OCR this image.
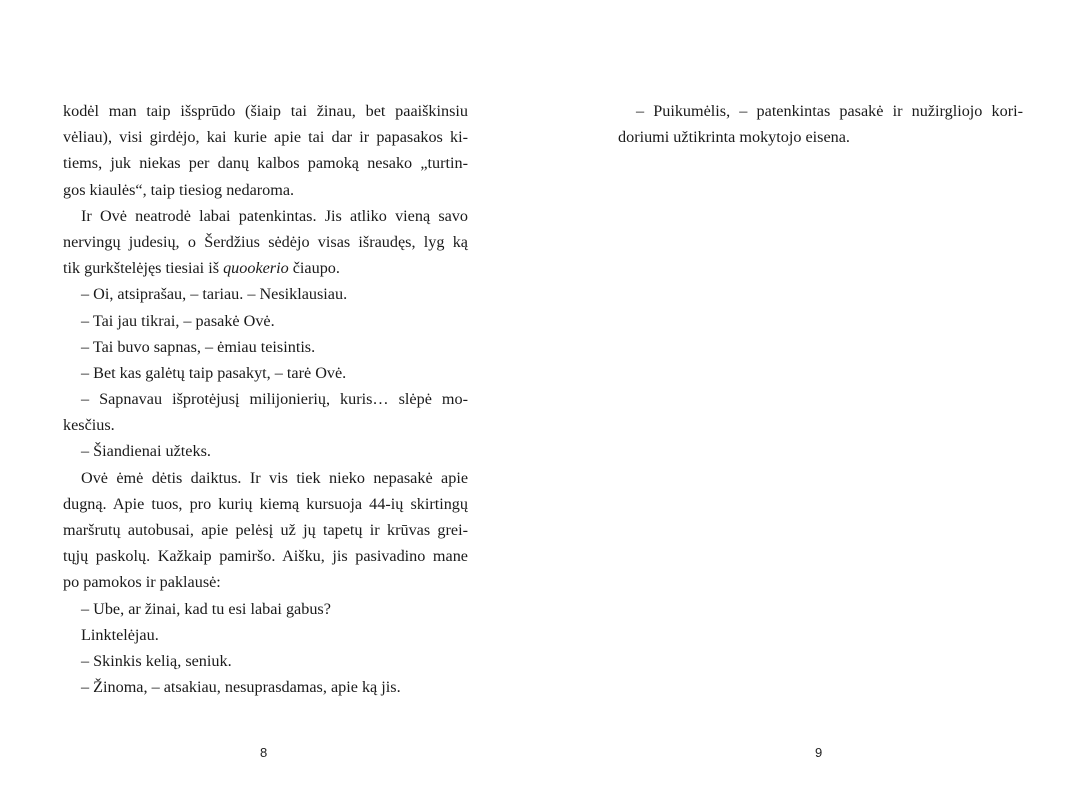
kodėl man taip išsprūdo (šiaip tai žinau, bet paaiškinsiu
vėliau), visi girdėjo, kai kurie apie tai dar ir papasakos ki-
tiems, juk niekas per danų kalbos pamoką nesako „turtin-
gos kiaulės“, taip tiesiog nedaroma.
Ir Ovė neatrodė labai patenkintas. Jis atliko vieną savo
nervingų judesių, o Šerdžius sėdėjo visas išraudęs, lyg ką
tik gurkštelėjęs tiesiai iš quookerio čiaupo.
– Oi, atsiprašau, – tariau. – Nesiklausiau.
– Tai jau tikrai, – pasakė Ovė.
– Tai buvo sapnas, – ėmiau teisintis.
– Bet kas galėtų taip pasakyt, – tarė Ovė.
– Sapnavau išprotėjusį milijonierių, kuris… slėpė mo-
kesčius.
– Šiandienai užteks.
Ovė ėmė dėtis daiktus. Ir vis tiek nieko nepasakė apie
dugną. Apie tuos, pro kurių kiemą kursuoja 44-ių skirtingų
maršrutų autobusai, apie pelėsį už jų tapetų ir krūvas grei-
tųjų paskolų. Kažkaip pamiršo. Aišku, jis pasivadino mane
po pamokos ir paklausė:
– Ube, ar žinai, kad tu esi labai gabus?
Linktelėjau.
– Skinkis kelią, seniuk.
– Žinoma, – atsakiau, nesuprasdamas, apie ką jis.
8
– Puikumėlis, – patenkintas pasakė ir nužirgliojo kori-
doriumi užtikrinta mokytojo eisena.
9
